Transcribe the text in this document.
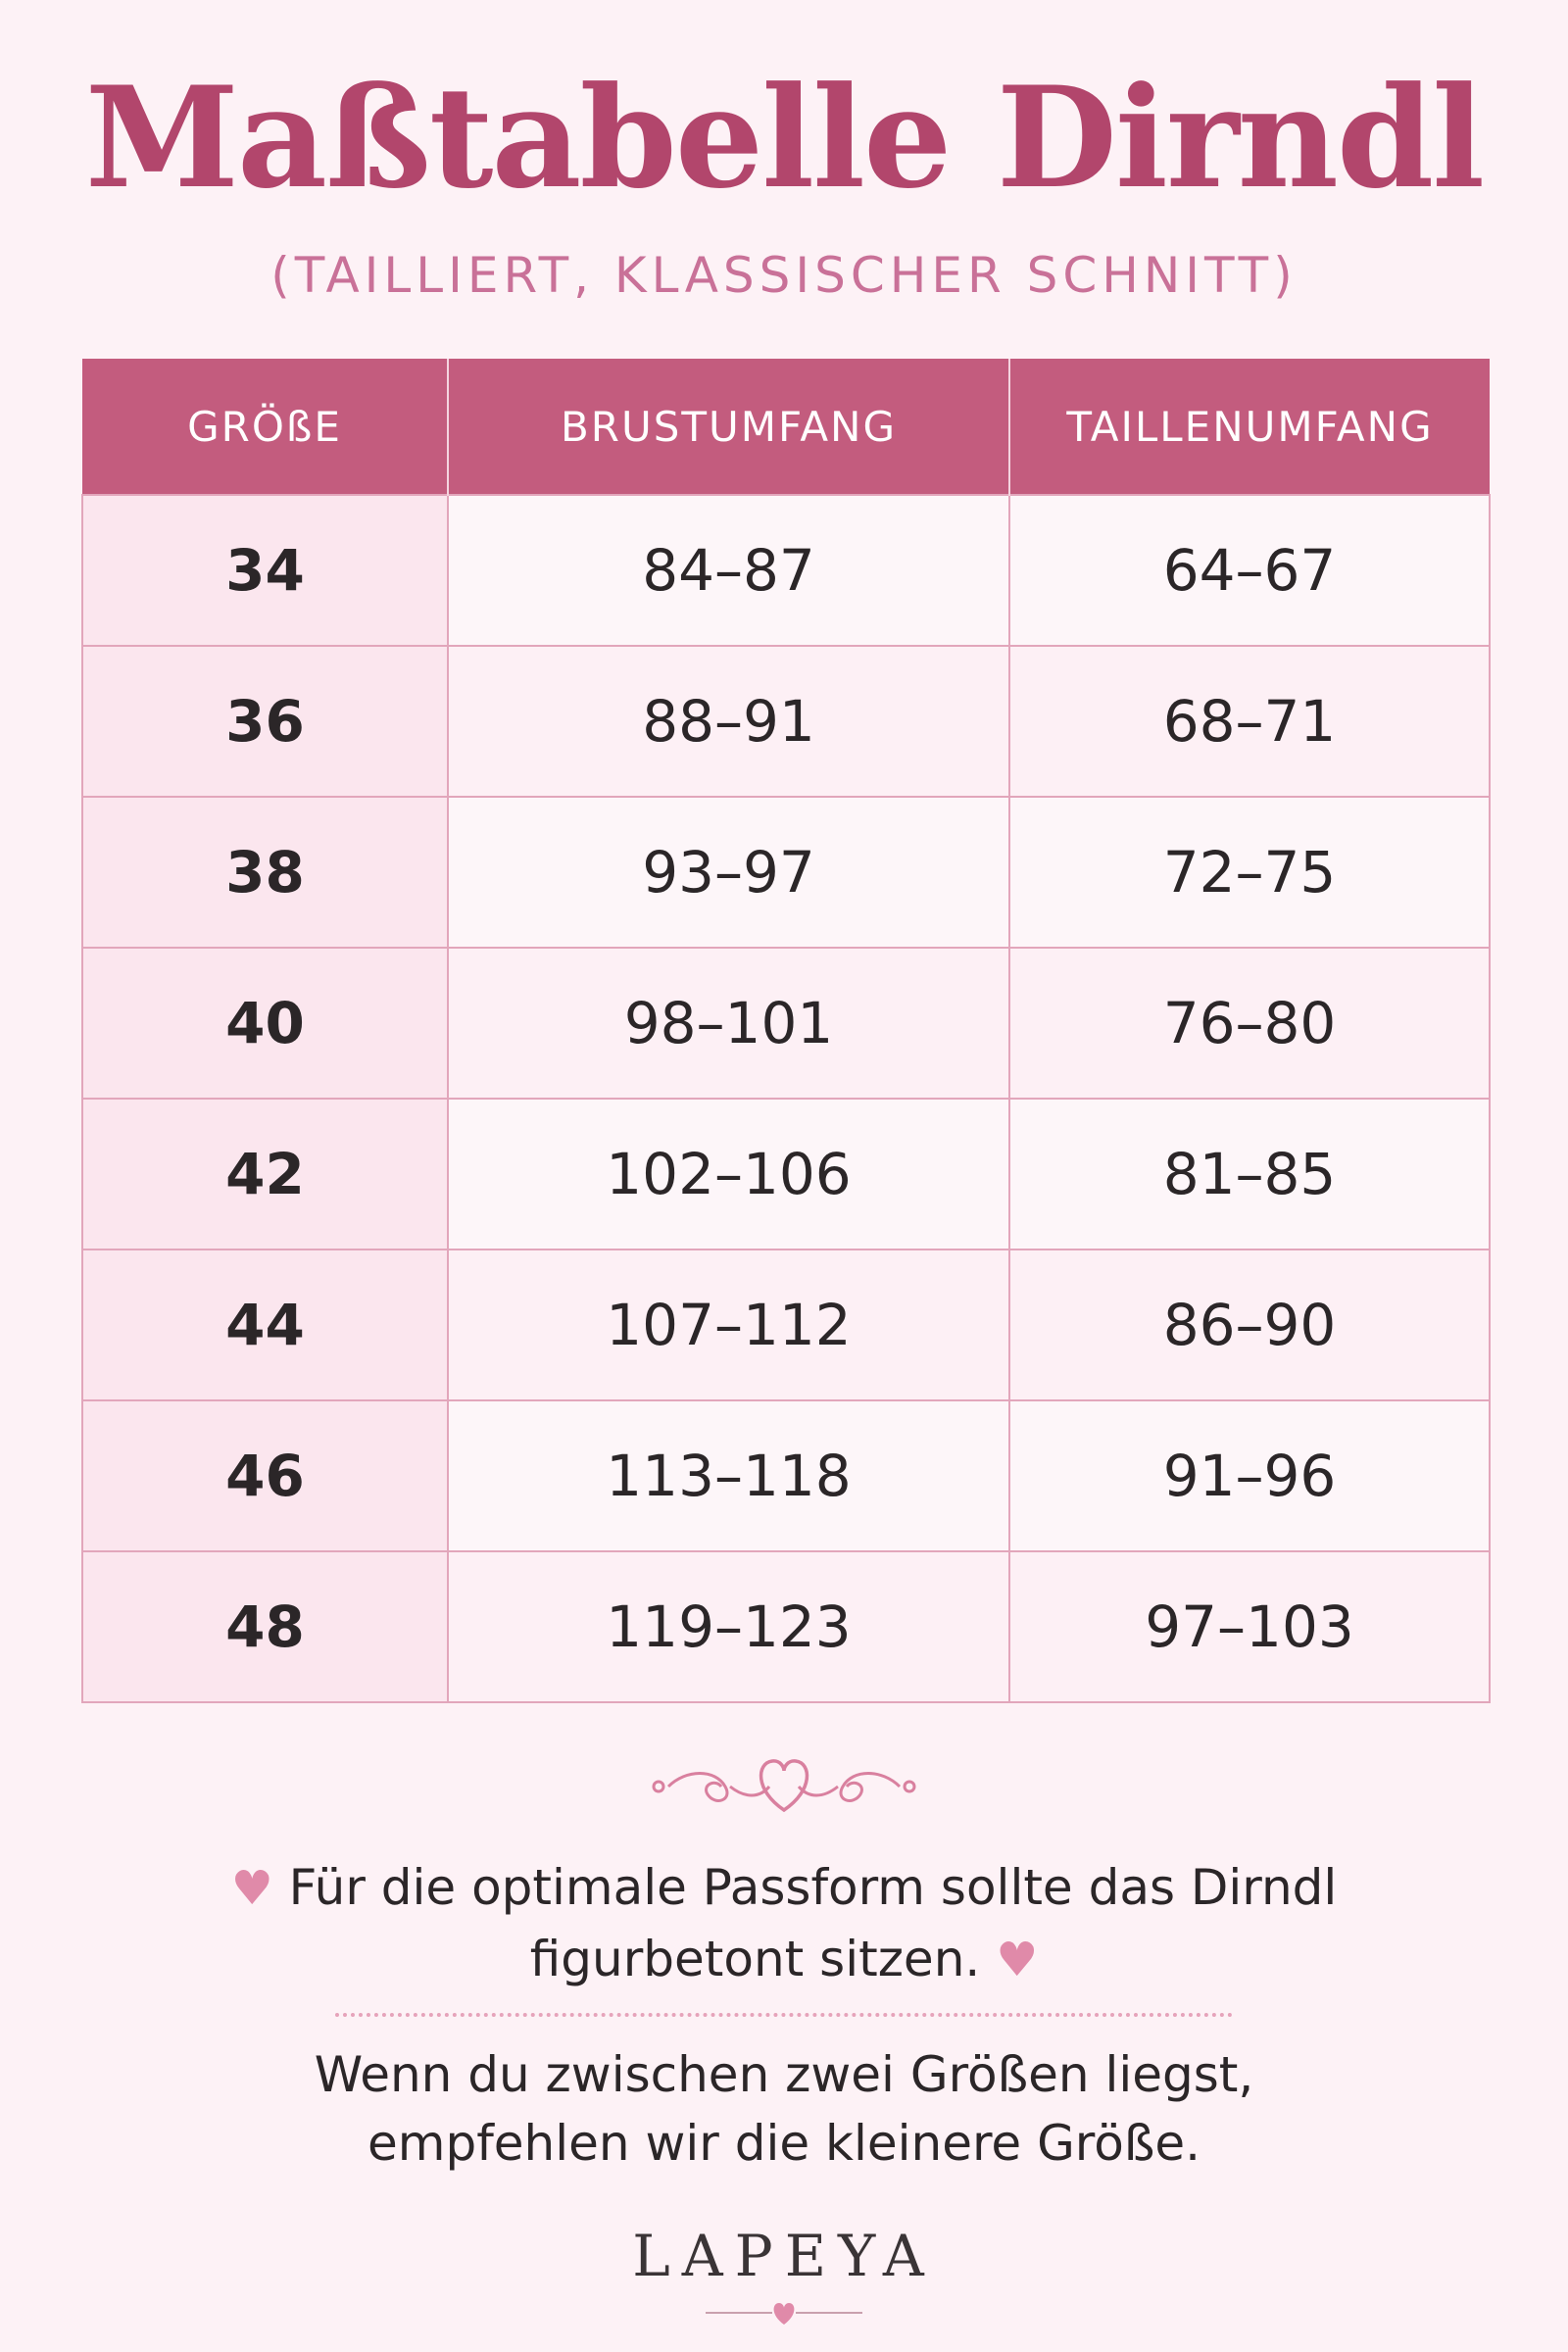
Maßtabelle Dirndl
(TAILLIERT, KLASSISCHER SCHNITT)
GRÖßE	BRUSTUMFANG	TAILLENUMFANG
34	84–87	64–67
36	88–91	68–71
38	93–97	72–75
40	98–101	76–80
42	102–106	81–85
44	107–112	86–90
46	113–118	91–96
48	119–123	97–103
♥ Für die optimale Passform sollte das Dirndl
figurbetont sitzen. ♥
Wenn du zwischen zwei Größen liegst,
empfehlen wir die kleinere Größe.
LAPEYA
